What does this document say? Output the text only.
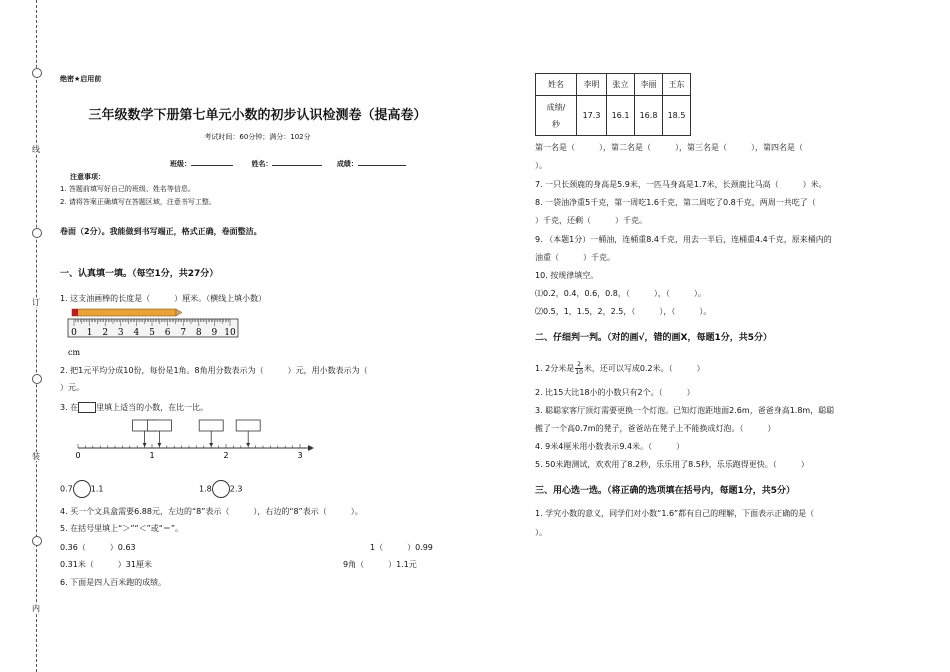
线
订
装
内
绝密★启用前
三年级数学下册第七单元小数的初步认识检测卷（提高卷）
考试时间：60分钟；满分：102分
班级：	姓名：	成绩：
注意事项：
1. 答题前填写好自己的班级、姓名等信息。
2. 请将答案正确填写在答题区域，注意书写工整。
卷面（2分）。我能做到书写端正，格式正确，卷面整洁。
一、认真填一填。（每空1分，共27分）
1. 这支油画棒的长度是（　　　）厘米。（横线上填小数）
0 1 2 3 4 5 6 7 8 9 10
cm
2. 把1元平均分成10份，每份是1角。8角用分数表示为（　　　）元，用小数表示为（
）元。
3. 在 里填上适当的小数，在比一比。
0	1	2	3
0.7 1.1	1.8 2.3
4. 买一个文具盒需要6.88元，左边的“8”表示（　　　），右边的“8”表示（　　　）。
5. 在括号里填上“＞”“＜”或“＝”。
0.36（　　　）0.63	1（　　　）0.99
0.31米（　　　）31厘米	9角（　　　）1.1元
6. 下面是四人百米跑的成绩。
姓名	李明	张立	李丽	王东

成绩/
秒	17.3	16.1	16.8	18.5
第一名是（　　　），第二名是（　　　），第三名是（　　　），第四名是（
）。
7. 一只长颈鹿的身高是5.9米，一匹马身高是1.7米，长颈鹿比马高（　　　）米。
8. 一袋油净重5千克，第一周吃1.6千克，第二周吃了0.8千克，两周一共吃了（
）千克，还剩（　　　）千克。
9. （本题1分）一桶油，连桶重8.4千克，用去一半后，连桶重4.4千克，原来桶内的
油重（　　　）千克。
10. 按规律填空。
⑴0.2，0.4，0.6，0.8，（　　　），（　　　）。
⑵0.5，1，1.5，2，2.5，（　　　），（　　　）。
二、仔细判一判。（对的画√，错的画X，每题1分，共5分）
1. 2分米是 $\frac{2}{10}$ 米，还可以写成0.2米。（　　　）
2. 比15大比18小的小数只有2个。（　　　）
3. 聪聪家客厅顶灯需要更换一个灯泡。已知灯泡距地面2.6m，爸爸身高1.8m，聪聪
搬了一个高0.7m的凳子，爸爸站在凳子上不能换成灯泡。（　　　）
4. 9米4厘米用小数表示9.4米。（　　　）
5. 50米跑测试，欢欢用了8.2秒，乐乐用了8.5秒，乐乐跑得更快。（　　　）
三、用心选一选。（将正确的选项填在括号内，每题1分，共5分）
1. 学究小数的意义，同学们对小数“1.6”都有自己的理解，下面表示正确的是（
）。
